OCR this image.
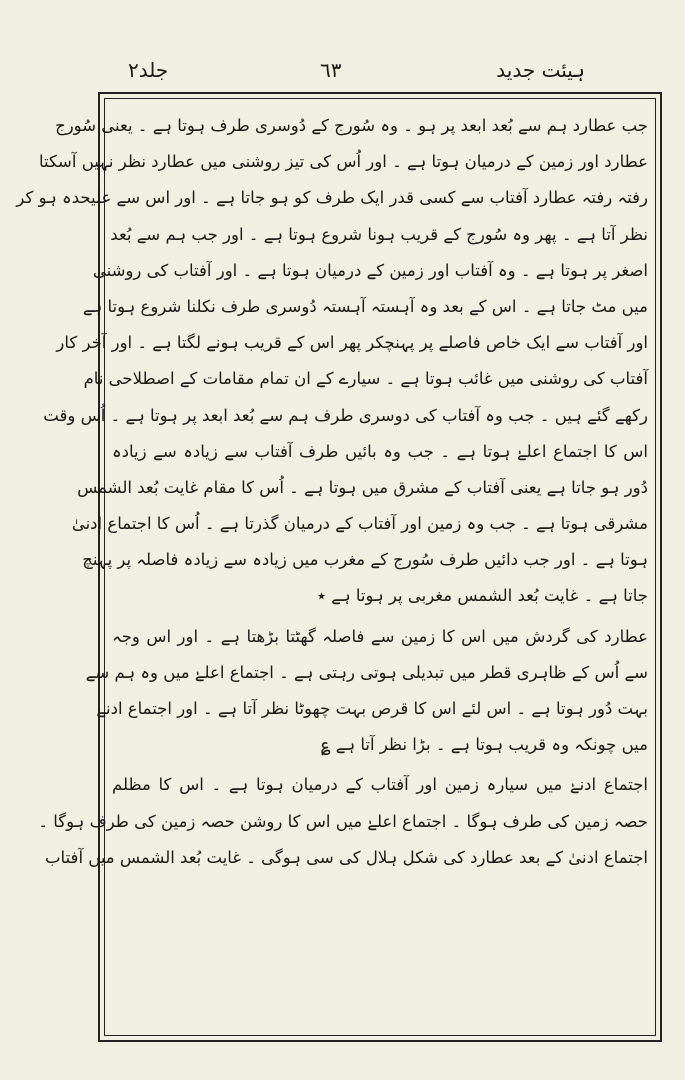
ہیئت جدید
٦٣
جلد٢
جب عطارد ہم سے بُعد ابعد پر ہو ۔ وہ سُورج کے دُوسری طرف ہوتا ہے ۔ یعنی سُورج
عطارد اور زمین کے درمیان ہوتا ہے ۔ اور اُس کی تیز روشنی میں عطارد نظر نہیں آسکتا
رفتہ رفتہ عطارد آفتاب سے کسی قدر ایک طرف کو ہو جاتا ہے ۔ اور اس سے علیحدہ ہو کر
نظر آتا ہے ۔ پھر وہ سُورج کے قریب ہونا شروع ہوتا ہے ۔ اور جب ہم سے بُعد
اصغر پر ہوتا ہے ۔ وہ آفتاب اور زمین کے درمیان ہوتا ہے ۔ اور آفتاب کی روشنی
میں مٹ جاتا ہے ۔ اس کے بعد وہ آہستہ آہستہ دُوسری طرف نکلنا شروع ہوتا ہے
اور آفتاب سے ایک خاص فاصلے پر پہنچکر پھر اس کے قریب ہونے لگتا ہے ۔ اور آخر کار
آفتاب کی روشنی میں غائب ہوتا ہے ۔ سیارے کے ان تمام مقامات کے اصطلاحی نام
رکھے گئے ہیں ۔ جب وہ آفتاب کی دوسری طرف ہم سے بُعد ابعد پر ہوتا ہے ۔ اُس وقت
اس کا اجتماع اعلےٰ ہوتا ہے ۔ جب وہ بائیں طرف آفتاب سے زیادہ سے زیادہ
دُور ہو جاتا ہے یعنی آفتاب کے مشرق میں ہوتا ہے ۔ اُس کا مقام غایت بُعد الشمس
مشرقی ہوتا ہے ۔ جب وہ زمین اور آفتاب کے درمیان گذرتا ہے ۔ اُس کا اجتماع ادنیٰ
ہوتا ہے ۔ اور جب دائیں طرف سُورج کے مغرب میں زیادہ سے زیادہ فاصلہ پر پہنچ
جاتا ہے ۔ غایت بُعد الشمس مغربی پر ہوتا ہے ٭
عطارد کی گردش میں اس کا زمین سے فاصلہ گھٹتا بڑھتا ہے ۔ اور اس وجہ
سے اُس کے ظاہری قطر میں تبدیلی ہوتی رہتی ہے ۔ اجتماع اعلےٰ میں وہ ہم سے
بہت دُور ہوتا ہے ۔ اس لئے اس کا قرص بہت چھوٹا نظر آتا ہے ۔ اور اجتماع ادنےٰ
میں چونکہ وہ قریب ہوتا ہے ۔ بڑا نظر آتا ہے ؏
اجتماع ادنےٰ میں سیارہ زمین اور آفتاب کے درمیان ہوتا ہے ۔ اس کا مظلم
حصہ زمین کی طرف ہوگا ۔ اجتماع اعلےٰ میں اس کا روشن حصہ زمین کی طرف ہوگا ۔
اجتماع ادنیٰ کے بعد عطارد کی شکل ہلال کی سی ہوگی ۔ غایت بُعد الشمس میں آفتاب
